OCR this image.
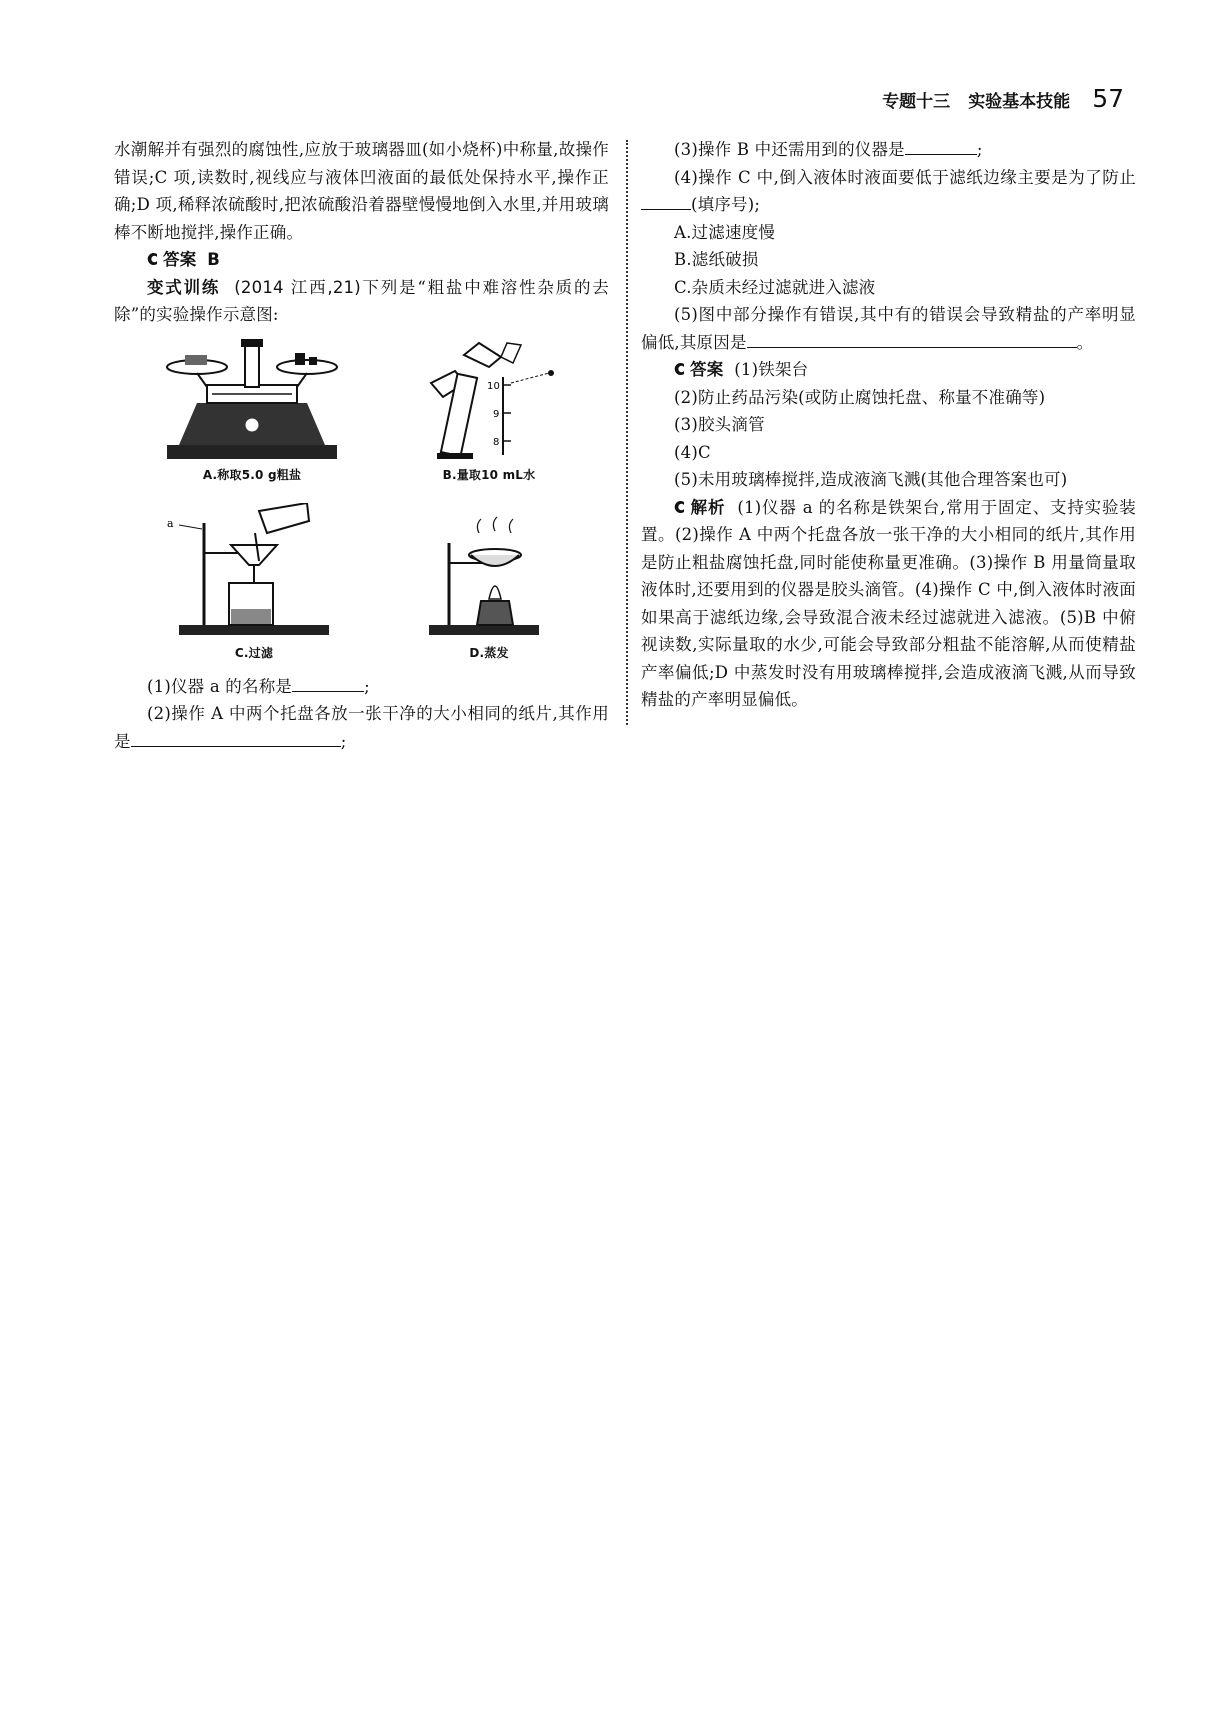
专题十三 实验基本技能 57

水潮解并有强烈的腐蚀性,应放于玻璃器皿(如小烧杯)中称量,故操作错误;C 项,读数时,视线应与液体凹液面的最低处保持水平,操作正确;D 项,稀释浓硫酸时,把浓硫酸沿着器壁慢慢地倒入水里,并用玻璃棒不断地搅拌,操作正确。

答案 B

变式训练 (2014 江西,21)下列是“粗盐中难溶性杂质的去除”的实验操作示意图:

A.称取5.0 g粗盐
10
9
8
B.量取10 mL水
a
C.过滤	D.蒸发

(1)仪器 a 的名称是	;

(2)操作 A 中两个托盘各放一张干净的大小相同的纸片,其作用是	;

(3)操作 B 中还需用到的仪器是	;

(4)操作 C 中,倒入液体时液面要低于滤纸边缘主要是为了防止(填序号);

A.过滤速度慢

B.滤纸破损

C.杂质未经过滤就进入滤液

(5)图中部分操作有错误,其中有的错误会导致精盐的产率明显偏低,其原因是	。

答案 (1)铁架台

(2)防止药品污染(或防止腐蚀托盘、称量不准确等)

(3)胶头滴管

(4)C

(5)未用玻璃棒搅拌,造成液滴飞溅(其他合理答案也可)

解析 (1)仪器 a 的名称是铁架台,常用于固定、支持实验装置。(2)操作 A 中两个托盘各放一张干净的大小相同的纸片,其作用是防止粗盐腐蚀托盘,同时能使称量更准确。(3)操作 B 用量筒量取液体时,还要用到的仪器是胶头滴管。(4)操作 C 中,倒入液体时液面如果高于滤纸边缘,会导致混合液未经过滤就进入滤液。(5)B 中俯视读数,实际量取的水少,可能会导致部分粗盐不能溶解,从而使精盐产率偏低;D 中蒸发时没有用玻璃棒搅拌,会造成液滴飞溅,从而导致精盐的产率明显偏低。
